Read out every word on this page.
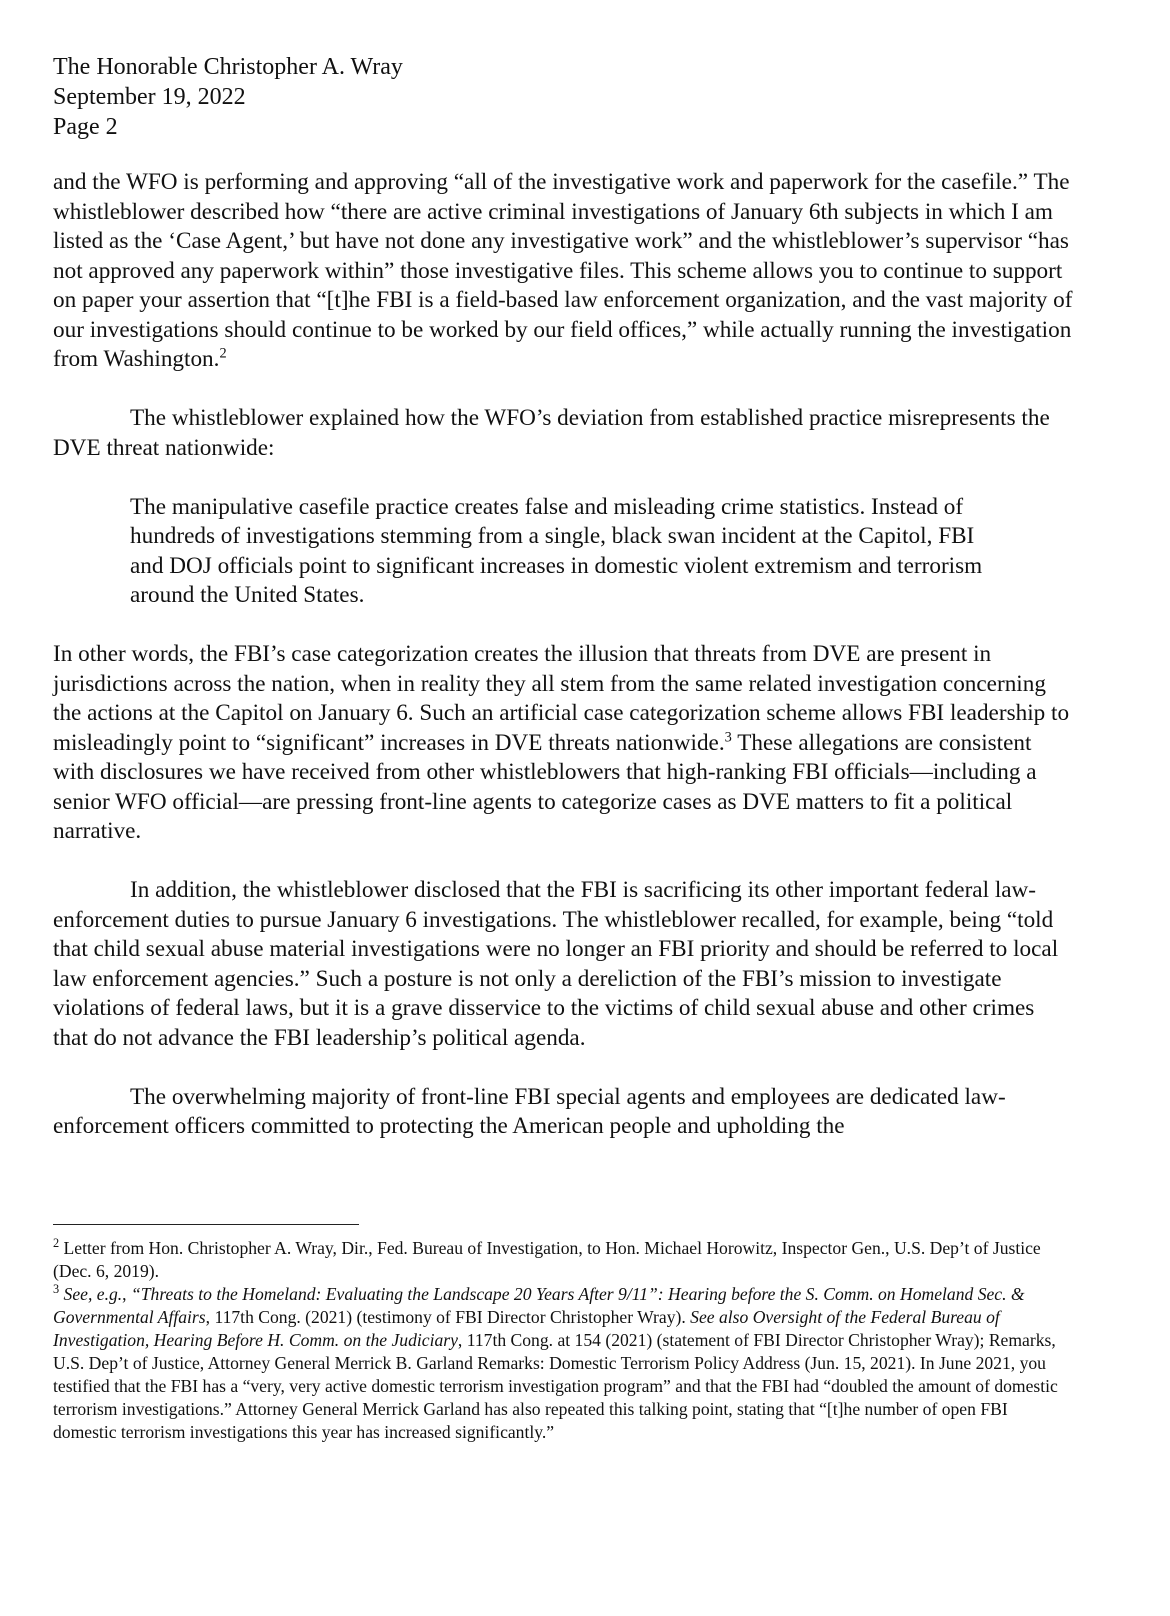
The Honorable Christopher A. Wray
September 19, 2022
Page 2

and the WFO is performing and approving “all of the investigative work and paperwork for the casefile.” The whistleblower described how “there are active criminal investigations of January 6th subjects in which I am listed as the ‘Case Agent,’ but have not done any investigative work” and the whistleblower’s supervisor “has not approved any paperwork within” those investigative files. This scheme allows you to continue to support on paper your assertion that “[t]he FBI is a field-based law enforcement organization, and the vast majority of our investigations should continue to be worked by our field offices,” while actually running the investigation from Washington.$^2$

The whistleblower explained how the WFO’s deviation from established practice misrepresents the DVE threat nationwide:

The manipulative casefile practice creates false and misleading crime statistics. Instead of hundreds of investigations stemming from a single, black swan incident at the Capitol, FBI and DOJ officials point to significant increases in domestic violent extremism and terrorism around the United States.

In other words, the FBI’s case categorization creates the illusion that threats from DVE are present in jurisdictions across the nation, when in reality they all stem from the same related investigation concerning the actions at the Capitol on January 6. Such an artificial case categorization scheme allows FBI leadership to misleadingly point to “significant” increases in DVE threats nationwide.$^3$ These allegations are consistent with disclosures we have received from other whistleblowers that high-ranking FBI officials—including a senior WFO official—are pressing front-line agents to categorize cases as DVE matters to fit a political narrative.

In addition, the whistleblower disclosed that the FBI is sacrificing its other important federal law-enforcement duties to pursue January 6 investigations. The whistleblower recalled, for example, being “told that child sexual abuse material investigations were no longer an FBI priority and should be referred to local law enforcement agencies.” Such a posture is not only a dereliction of the FBI’s mission to investigate violations of federal laws, but it is a grave disservice to the victims of child sexual abuse and other crimes that do not advance the FBI leadership’s political agenda.

The overwhelming majority of front-line FBI special agents and employees are dedicated law-enforcement officers committed to protecting the American people and upholding the

$^2$ Letter from Hon. Christopher A. Wray, Dir., Fed. Bureau of Investigation, to Hon. Michael Horowitz, Inspector Gen., U.S. Dep’t of Justice (Dec. 6, 2019).

$^3$ See, e.g., “Threats to the Homeland: Evaluating the Landscape 20 Years After 9/11”: Hearing before the S. Comm. on Homeland Sec. & Governmental Affairs, 117th Cong. (2021) (testimony of FBI Director Christopher Wray). See also Oversight of the Federal Bureau of Investigation, Hearing Before H. Comm. on the Judiciary, 117th Cong. at 154 (2021) (statement of FBI Director Christopher Wray); Remarks, U.S. Dep’t of Justice, Attorney General Merrick B. Garland Remarks: Domestic Terrorism Policy Address (Jun. 15, 2021). In June 2021, you testified that the FBI has a “very, very active domestic terrorism investigation program” and that the FBI had “doubled the amount of domestic terrorism investigations.” Attorney General Merrick Garland has also repeated this talking point, stating that “[t]he number of open FBI domestic terrorism investigations this year has increased significantly.”
